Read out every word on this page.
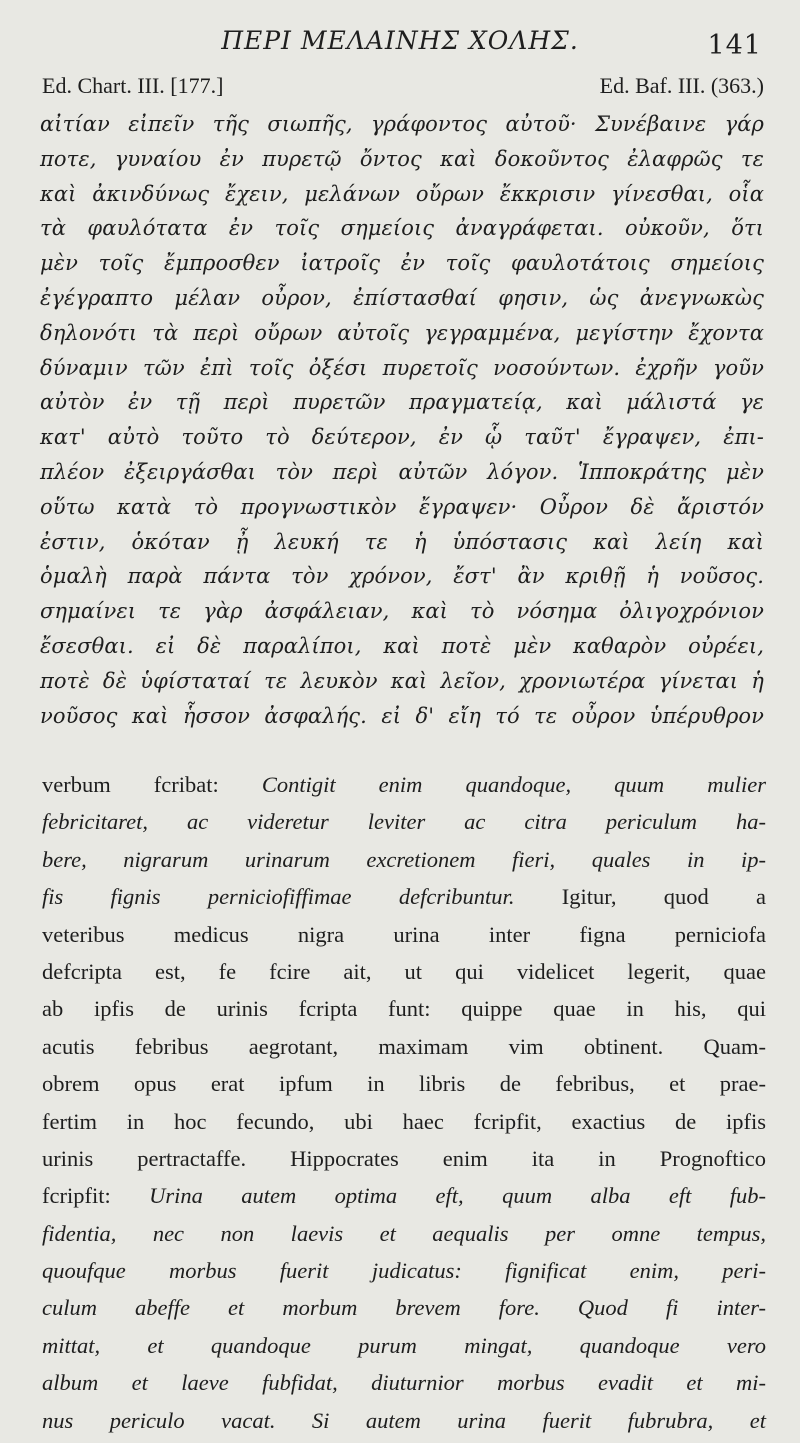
ΠΕΡΙ ΜΕΛΑΙΝΗΣ ΧΟΛΗΣ.	141
Ed. Chart. III. [177.]	Ed. Baf. III. (363.)
αἰτίαν εἰπεῖν τῆς σιωπῆς, γράφοντος αὐτοῦ· Συνέβαινε γάρ
ποτε, γυναίου ἐν πυρετῷ ὄντος καὶ δοκοῦντος ἐλαφρῶς τε
καὶ ἀκινδύνως ἔχειν, μελάνων οὔρων ἔκκρισιν γίνεσθαι, οἷα
τὰ φαυλότατα ἐν τοῖς σημείοις ἀναγράφεται. οὐκοῦν, ὅτι
μὲν τοῖς ἔμπροσθεν ἰατροῖς ἐν τοῖς φαυλοτάτοις σημείοις
ἐγέγραπτο μέλαν οὖρον, ἐπίστασθαί φησιν, ὡς ἀνεγνωκὼς
δηλονότι τὰ περὶ οὔρων αὐτοῖς γεγραμμένα, μεγίστην ἔχοντα
δύναμιν τῶν ἐπὶ τοῖς ὀξέσι πυρετοῖς νοσούντων. ἐχρῆν γοῦν
αὐτὸν ἐν τῇ περὶ πυρετῶν πραγματείᾳ, καὶ μάλιστά γε
κατ' αὐτὸ τοῦτο τὸ δεύτερον, ἐν ᾧ ταῦτ' ἔγραψεν, ἐπι-
πλέον ἐξειργάσθαι τὸν περὶ αὐτῶν λόγον. Ἱπποκράτης μὲν
οὕτω κατὰ τὸ προγνωστικὸν ἔγραψεν· Οὖρον δὲ ἄριστόν
ἐστιν, ὁκόταν ᾖ λευκή τε ἡ ὑπόστασις καὶ λείη καὶ
ὁμαλὴ παρὰ πάντα τὸν χρόνον, ἔστ' ἂν κριθῇ ἡ νοῦσος.
σημαίνει τε γὰρ ἀσφάλειαν, καὶ τὸ νόσημα ὀλιγοχρόνιον
ἔσεσθαι. εἰ δὲ παραλίποι, καὶ ποτὲ μὲν καθαρὸν οὐρέει,
ποτὲ δὲ ὑφίσταταί τε λευκὸν καὶ λεῖον, χρονιωτέρα γίνεται ἡ
νοῦσος καὶ ἧσσον ἀσφαλής. εἰ δ' εἴη τό τε οὖρον ὑπέρυθρον
verbum fcribat: Contigit enim quandoque, quum mulier
febricitaret, ac videretur leviter ac citra periculum ha-
bere, nigrarum urinarum excretionem fieri, quales in ip-
fis fignis perniciofiffimae defcribuntur. Igitur, quod a
veteribus medicus nigra urina inter figna perniciofa
defcripta est, fe fcire ait, ut qui videlicet legerit, quae
ab ipfis de urinis fcripta funt: quippe quae in his, qui
acutis febribus aegrotant, maximam vim obtinent. Quam-
obrem opus erat ipfum in libris de febribus, et prae-
fertim in hoc fecundo, ubi haec fcripfit, exactius de ipfis
urinis pertractaffe. Hippocrates enim ita in Prognoftico
fcripfit: Urina autem optima eft, quum alba eft fub-
fidentia, nec non laevis et aequalis per omne tempus,
quoufque morbus fuerit judicatus: fignificat enim, peri-
culum abeffe et morbum brevem fore. Quod fi inter-
mittat, et quandoque purum mingat, quandoque vero
album et laeve fubfidat, diuturnior morbus evadit et mi-
nus periculo vacat. Si autem urina fuerit fubrubra, et
